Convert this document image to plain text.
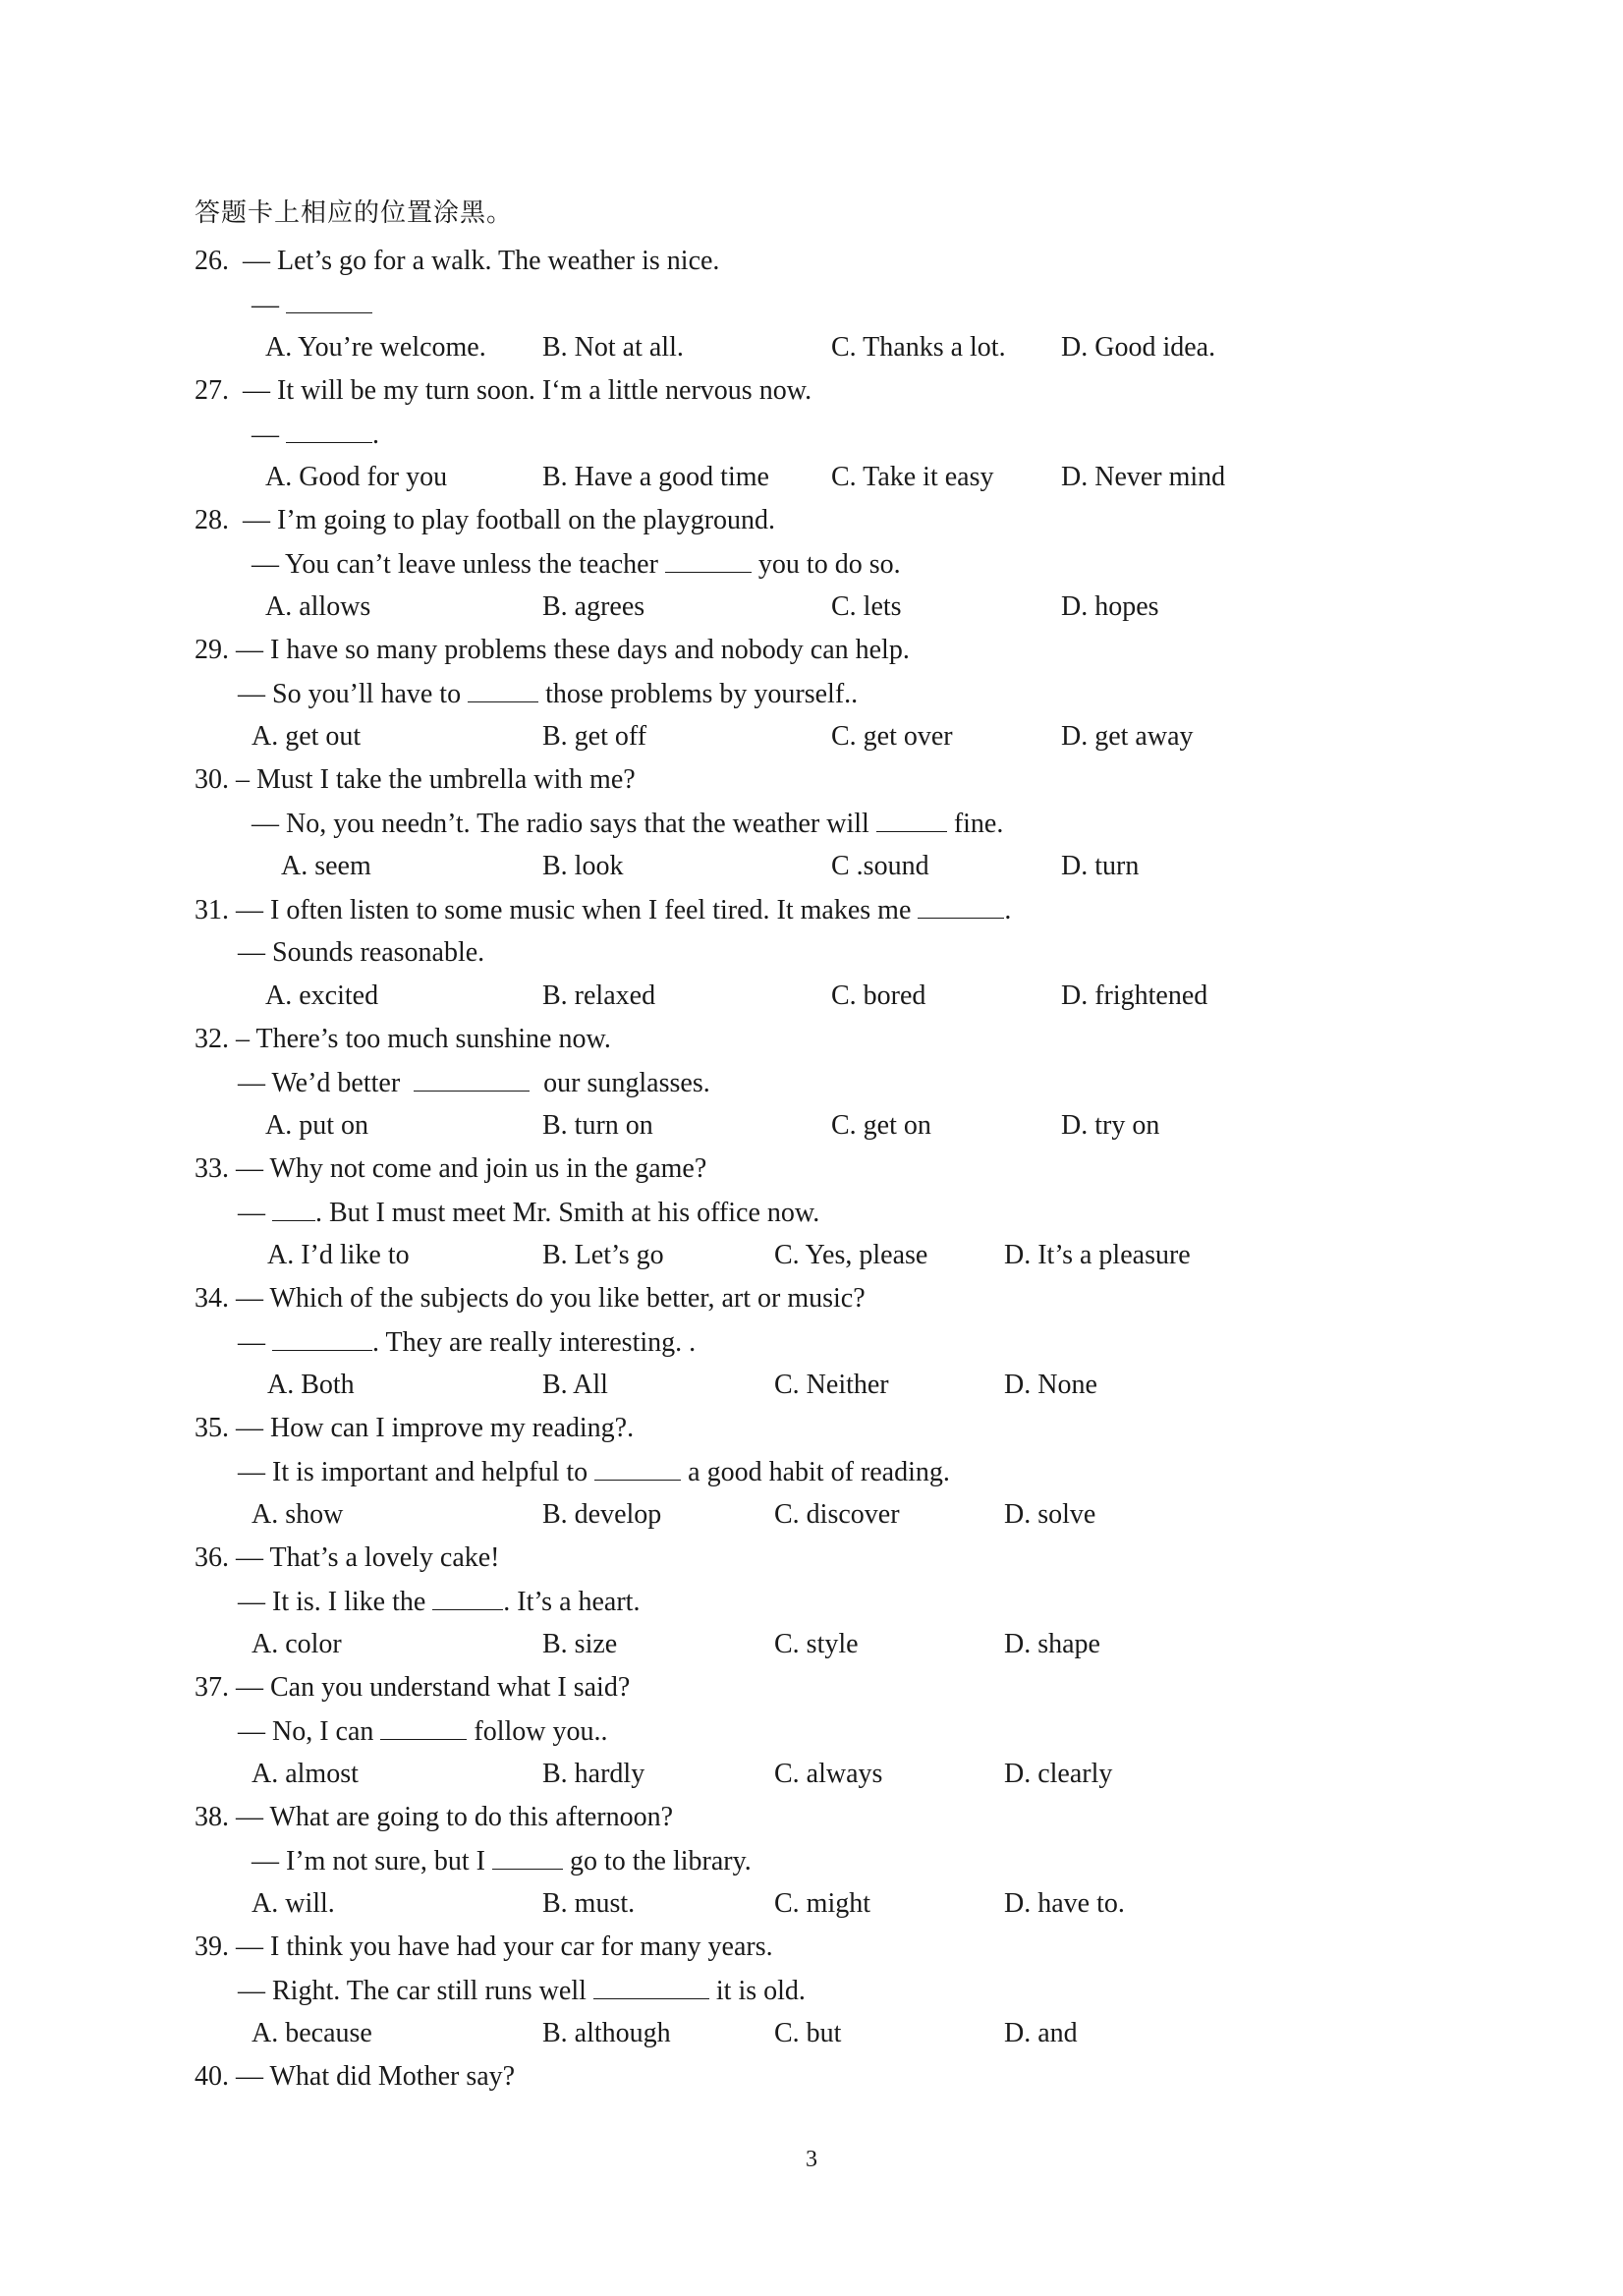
答题卡上相应的位置涂黑。
26. — Let’s go for a walk. The weather is nice.
—
A. You’re welcome. B. Not at all.	C. Thanks a lot. D. Good idea.
27. — It will be my turn soon. I‘m a little nervous now.
—	.
A. Good for you	B. Have a good time C. Take it easy D. Never mind
28. — I’m going to play football on the playground.
— You can’t leave unless the teacher	you to do so.
A. allows	B. agrees	C. lets	D. hopes
29. — I have so many problems these days and nobody can help.
— So you’ll have to	those problems by yourself..
A. get out	B. get off	C. get over	D. get away
30. – Must I take the umbrella with me?
— No, you needn’t. The radio says that the weather will	fine.
A. seem	B. look	C .sound	D. turn
31. — I often listen to some music when I feel tired. It makes me	.
— Sounds reasonable.
A. excited	B. relaxed	C. bored	D. frightened
32. – There’s too much sunshine now.
— We’d better	our sunglasses.
A. put on	B. turn on	C. get on	D. try on
33. — Why not come and join us in the game?
— . But I must meet Mr. Smith at his office now.
A. I’d like to	B. Let’s go	C. Yes, please	D. It’s a pleasure
34. — Which of the subjects do you like better, art or music?
—	. They are really interesting. .
A. Both	B. All	C. Neither	D. None
35. — How can I improve my reading?.
— It is important and helpful to	a good habit of reading.
A. show	B. develop	C. discover	D. solve
36. — That’s a lovely cake!
— It is. I like the	. It’s a heart.
A. color	B. size	C. style	D. shape
37. — Can you understand what I said?
— No, I can	follow you..
A. almost	B. hardly	C. always	D. clearly
38. — What are going to do this afternoon?
— I’m not sure, but I	go to the library.
A. will.	B. must.	C. might	D. have to.
39. — I think you have had your car for many years.
— Right. The car still runs well	it is old.
A. because	B. although	C. but	D. and
40. — What did Mother say?
3
